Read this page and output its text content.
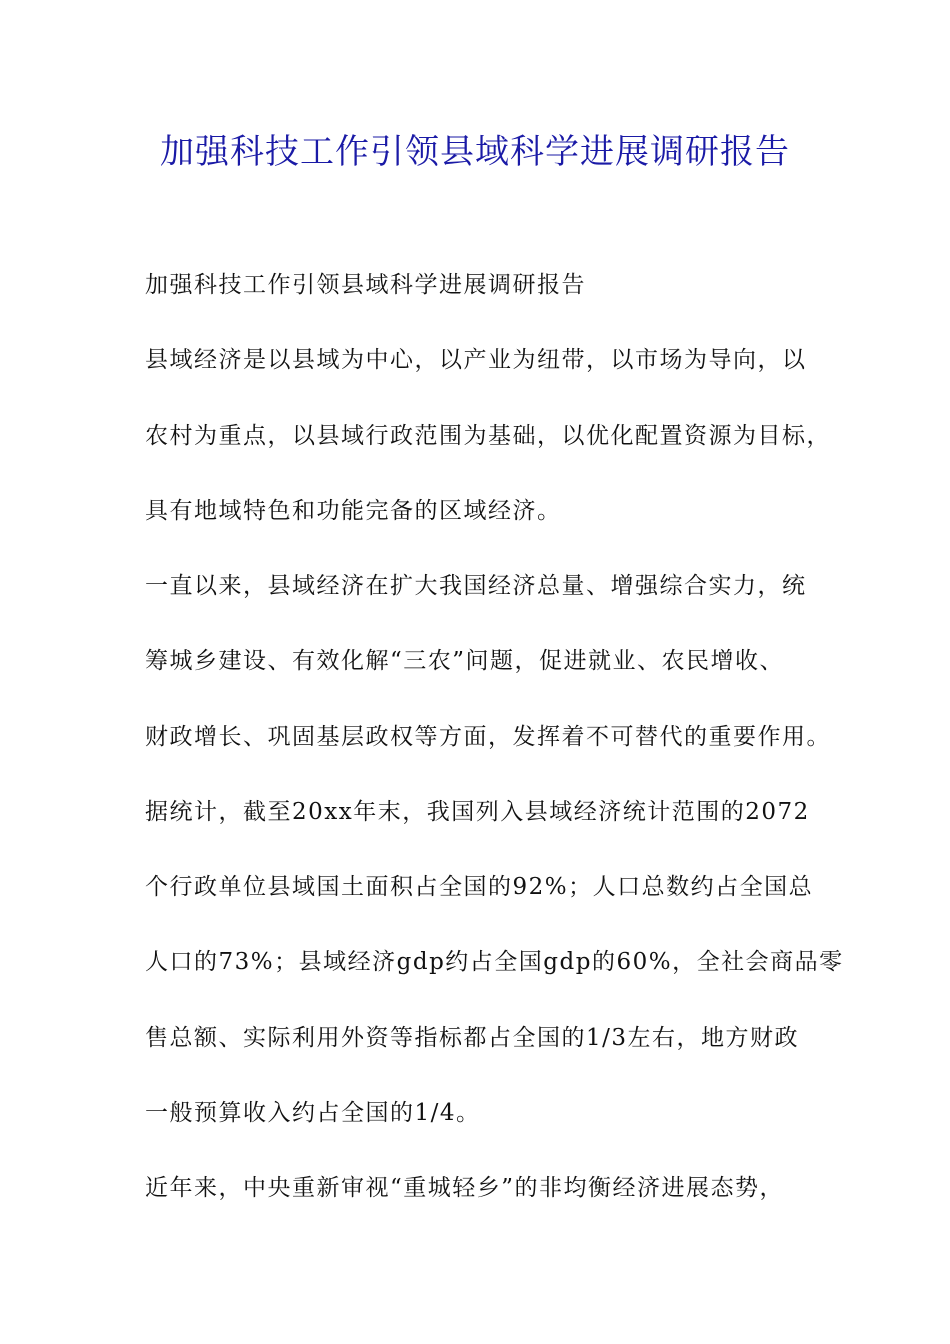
加强科技工作引领县域科学进展调研报告
加强科技工作引领县域科学进展调研报告
县域经济是以县域为中心，以产业为纽带，以市场为导向，以
农村为重点，以县域行政范围为基础，以优化配置资源为目标，
具有地域特色和功能完备的区域经济。
一直以来，县域经济在扩大我国经济总量、增强综合实力，统
筹城乡建设、有效化解“三农”问题，促进就业、农民增收、
财政增长、巩固基层政权等方面，发挥着不可替代的重要作用。
据统计，截至20xx年末，我国列入县域经济统计范围的2072
个行政单位县域国土面积占全国的92%；人口总数约占全国总
人口的73%；县域经济gdp约占全国gdp的60%，全社会商品零
售总额、实际利用外资等指标都占全国的1/3左右，地方财政
一般预算收入约占全国的1/4。
近年来，中央重新审视“重城轻乡”的非均衡经济进展态势，
